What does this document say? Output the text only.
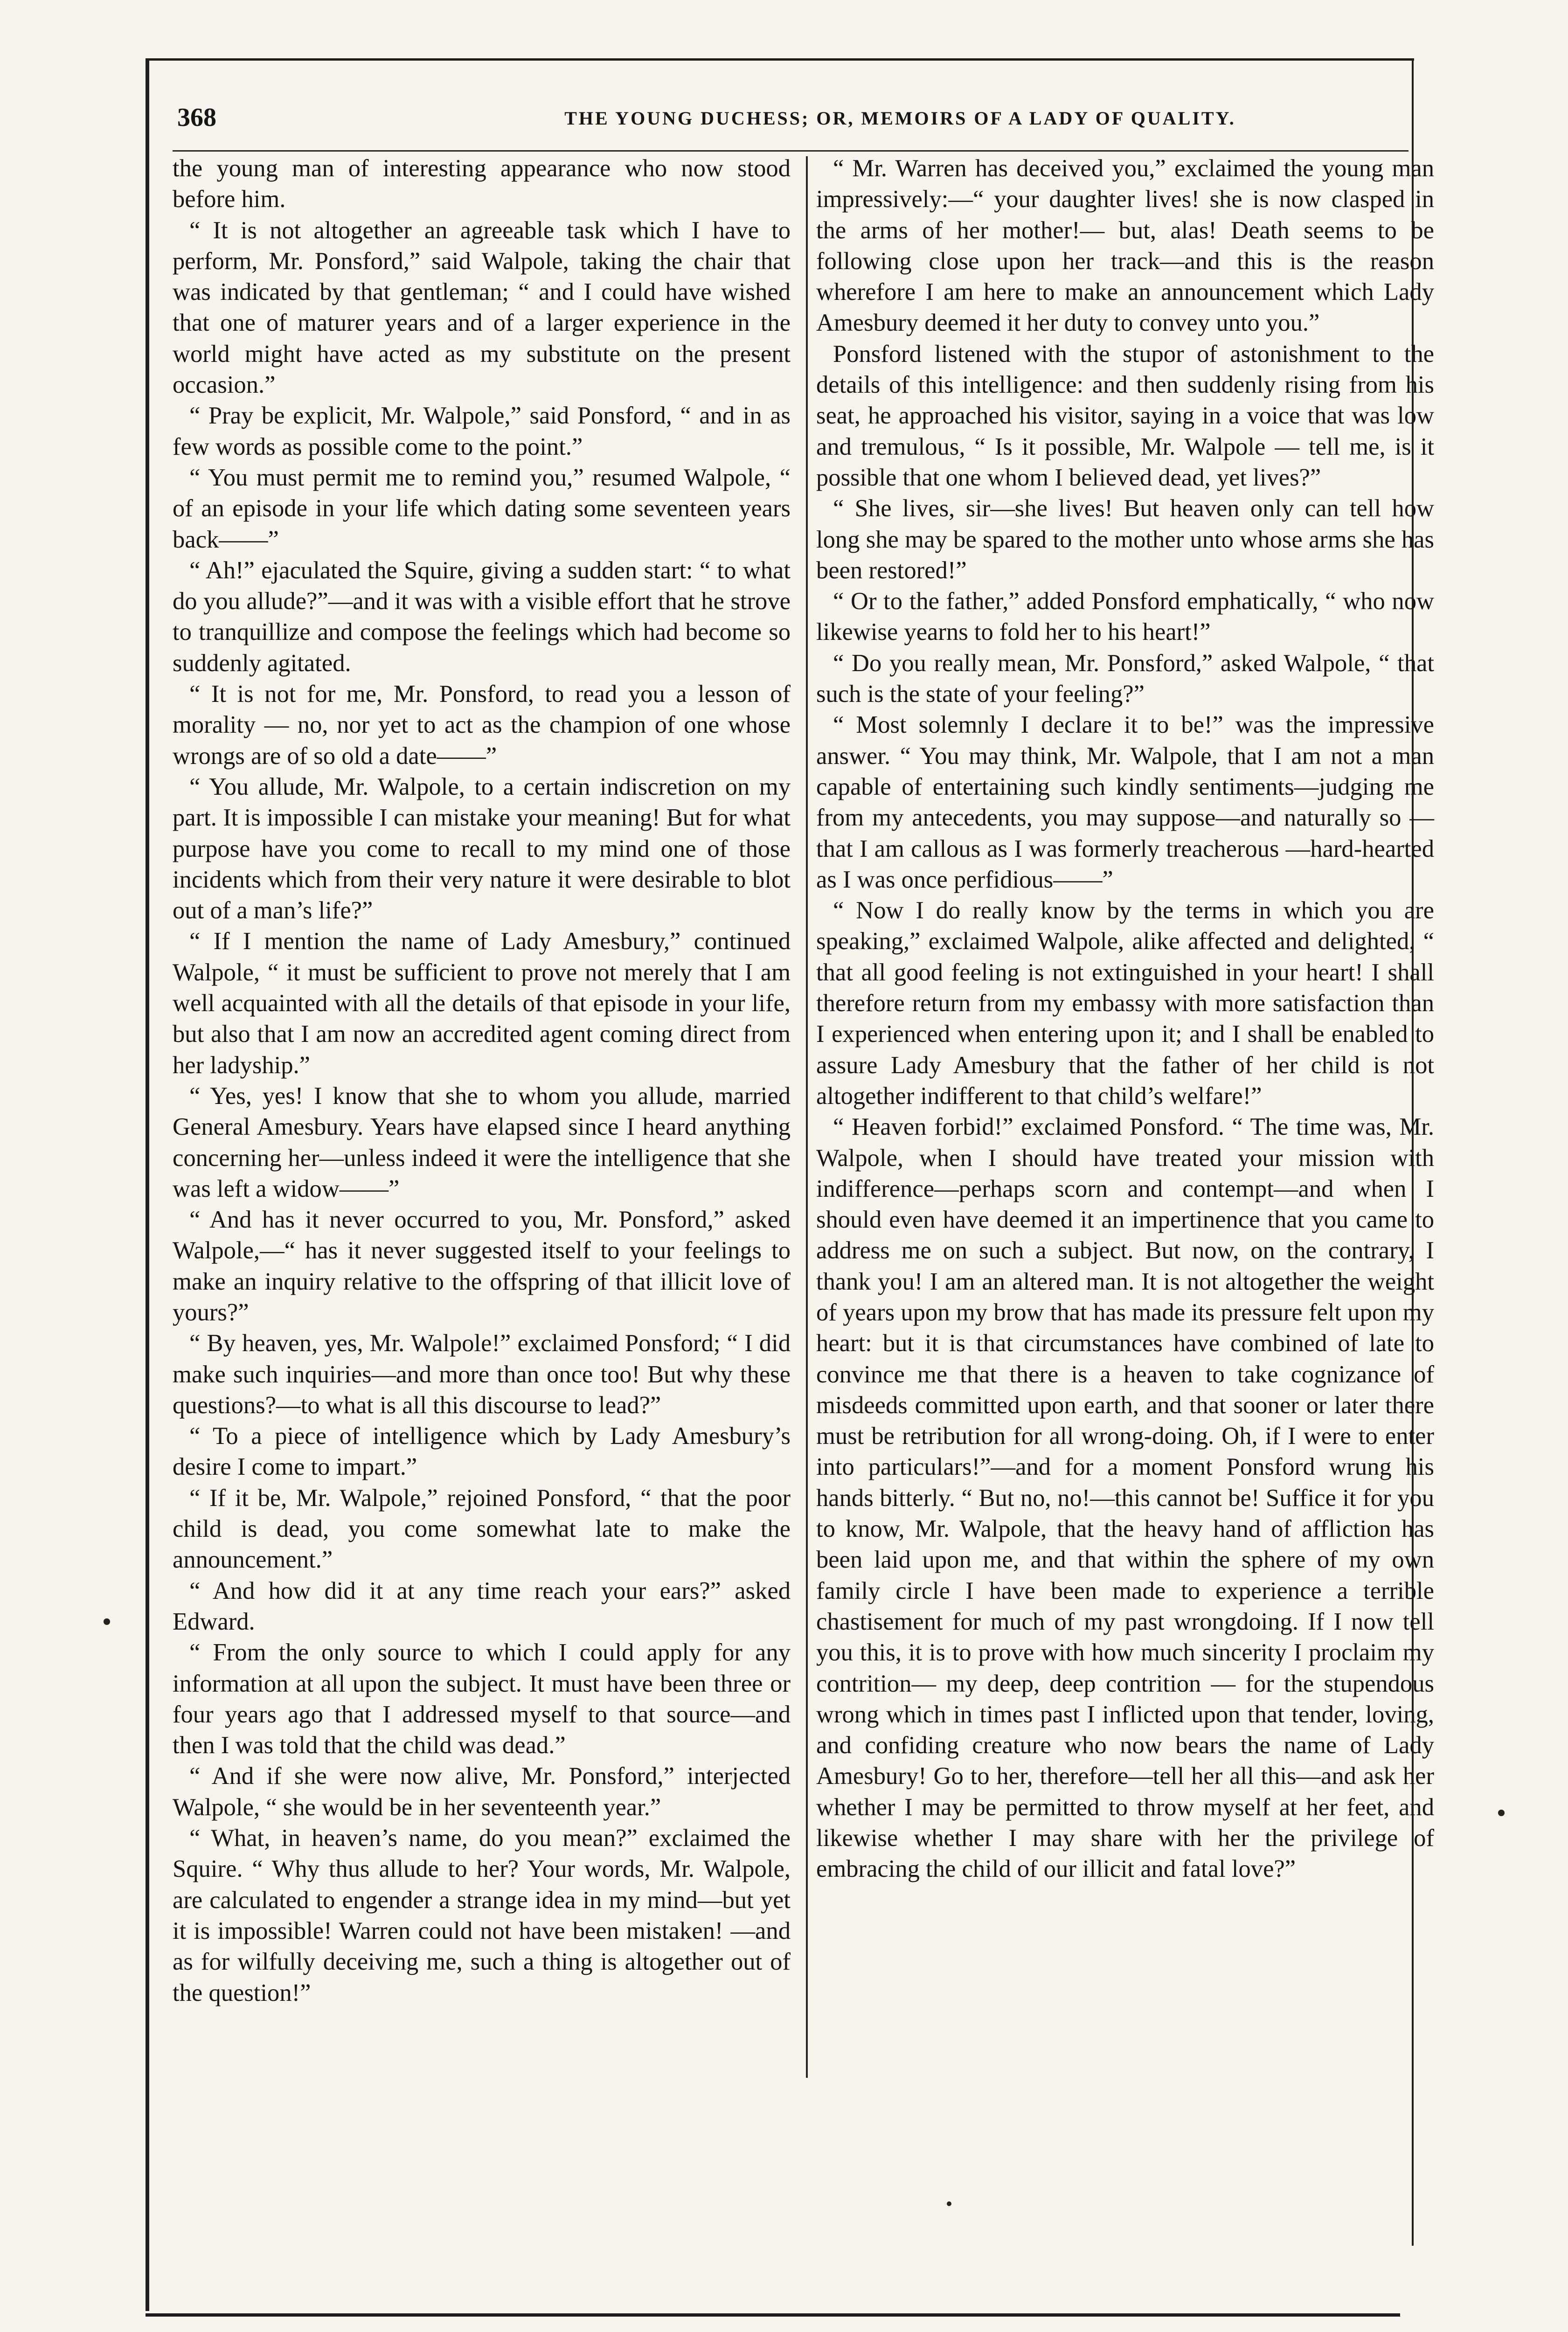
368	THE YOUNG DUCHESS; OR, MEMOIRS OF A LADY OF QUALITY.

the young man of interesting appearance who now stood before him.

“ It is not altogether an agreeable task which I have to perform, Mr. Ponsford,” said Walpole, taking the chair that was indicated by that gentleman; “ and I could have wished that one of maturer years and of a larger experience in the world might have acted as my substitute on the present occasion.”

“ Pray be explicit, Mr. Walpole,” said Ponsford, “ and in as few words as possible come to the point.”

“ You must permit me to remind you,” resumed Walpole, “ of an episode in your life which dating some seventeen years back——”

“ Ah!” ejaculated the Squire, giving a sudden start: “ to what do you allude?”—and it was with a visible effort that he strove to tranquillize and compose the feelings which had become so suddenly agitated.

“ It is not for me, Mr. Ponsford, to read you a lesson of morality — no, nor yet to act as the champion of one whose wrongs are of so old a date——”

“ You allude, Mr. Walpole, to a certain indiscretion on my part. It is impossible I can mistake your meaning! But for what purpose have you come to recall to my mind one of those incidents which from their very nature it were desirable to blot out of a man’s life?”

“ If I mention the name of Lady Amesbury,” continued Walpole, “ it must be sufficient to prove not merely that I am well acquainted with all the details of that episode in your life, but also that I am now an accredited agent coming direct from her ladyship.”

“ Yes, yes! I know that she to whom you allude, married General Amesbury. Years have elapsed since I heard anything concerning her—unless indeed it were the intelligence that she was left a widow——”

“ And has it never occurred to you, Mr. Ponsford,” asked Walpole,—“ has it never suggested itself to your feelings to make an inquiry relative to the offspring of that illicit love of yours?”

“ By heaven, yes, Mr. Walpole!” exclaimed Ponsford; “ I did make such inquiries—and more than once too! But why these questions?—to what is all this discourse to lead?”

“ To a piece of intelligence which by Lady Amesbury’s desire I come to impart.”

“ If it be, Mr. Walpole,” rejoined Ponsford, “ that the poor child is dead, you come somewhat late to make the announcement.”

“ And how did it at any time reach your ears?” asked Edward.

“ From the only source to which I could apply for any information at all upon the subject. It must have been three or four years ago that I addressed myself to that source—and then I was told that the child was dead.”

“ And if she were now alive, Mr. Ponsford,” interjected Walpole, “ she would be in her seventeenth year.”

“ What, in heaven’s name, do you mean?” exclaimed the Squire. “ Why thus allude to her? Your words, Mr. Walpole, are calculated to engender a strange idea in my mind—but yet it is impossible! Warren could not have been mistaken! —and as for wilfully deceiving me, such a thing is altogether out of the question!”

“ Mr. Warren has deceived you,” exclaimed the young man impressively:—“ your daughter lives! she is now clasped in the arms of her mother!— but, alas! Death seems to be following close upon her track—and this is the reason wherefore I am here to make an announcement which Lady Amesbury deemed it her duty to convey unto you.”

Ponsford listened with the stupor of astonishment to the details of this intelligence: and then suddenly rising from his seat, he approached his visitor, saying in a voice that was low and tremulous, “ Is it possible, Mr. Walpole — tell me, is it possible that one whom I believed dead, yet lives?”

“ She lives, sir—she lives! But heaven only can tell how long she may be spared to the mother unto whose arms she has been restored!”

“ Or to the father,” added Ponsford emphatically, “ who now likewise yearns to fold her to his heart!”

“ Do you really mean, Mr. Ponsford,” asked Walpole, “ that such is the state of your feeling?”

“ Most solemnly I declare it to be!” was the impressive answer. “ You may think, Mr. Walpole, that I am not a man capable of entertaining such kindly sentiments—judging me from my antecedents, you may suppose—and naturally so —that I am callous as I was formerly treacherous —hard-hearted as I was once perfidious——”

“ Now I do really know by the terms in which you are speaking,” exclaimed Walpole, alike affected and delighted, “ that all good feeling is not extinguished in your heart! I shall therefore return from my embassy with more satisfaction than I experienced when entering upon it; and I shall be enabled to assure Lady Amesbury that the father of her child is not altogether indifferent to that child’s welfare!”

“ Heaven forbid!” exclaimed Ponsford. “ The time was, Mr. Walpole, when I should have treated your mission with indifference—perhaps scorn and contempt—and when I should even have deemed it an impertinence that you came to address me on such a subject. But now, on the contrary, I thank you! I am an altered man. It is not altogether the weight of years upon my brow that has made its pressure felt upon my heart: but it is that circumstances have combined of late to convince me that there is a heaven to take cognizance of misdeeds committed upon earth, and that sooner or later there must be retribution for all wrong-doing. Oh, if I were to enter into particulars!”—and for a moment Ponsford wrung his hands bitterly. “ But no, no!—this cannot be! Suffice it for you to know, Mr. Walpole, that the heavy hand of affliction has been laid upon me, and that within the sphere of my own family circle I have been made to experience a terrible chastisement for much of my past wrongdoing. If I now tell you this, it is to prove with how much sincerity I proclaim my contrition— my deep, deep contrition — for the stupendous wrong which in times past I inflicted upon that tender, loving, and confiding creature who now bears the name of Lady Amesbury! Go to her, therefore—tell her all this—and ask her whether I may be permitted to throw myself at her feet, and likewise whether I may share with her the privilege of embracing the child of our illicit and fatal love?”
